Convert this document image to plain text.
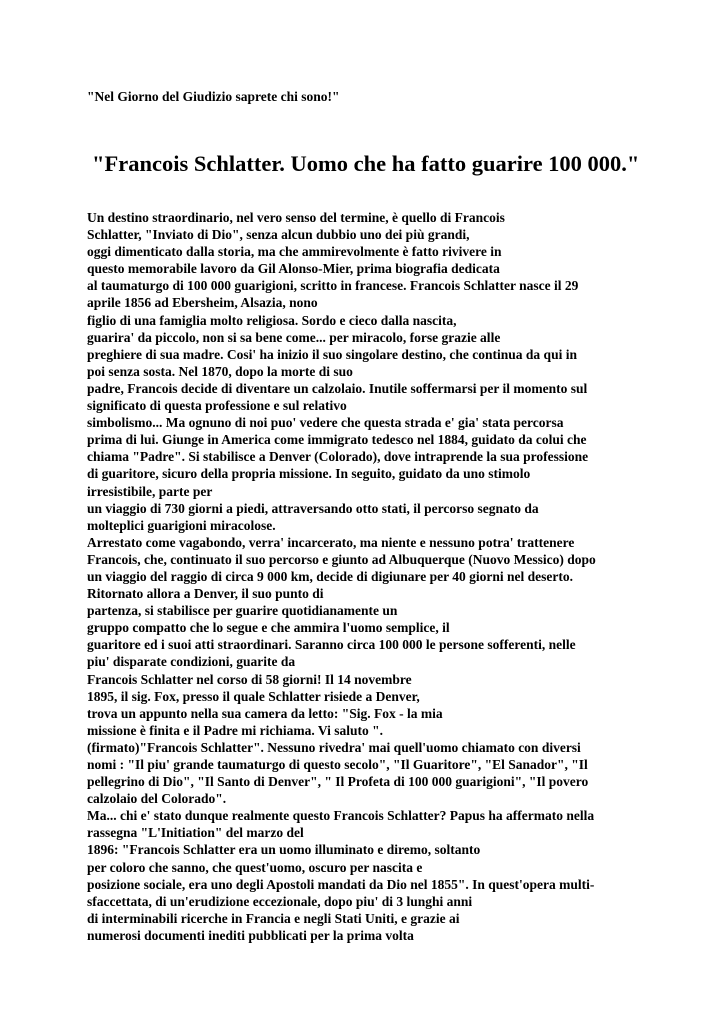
"Nel Giorno del Giudizio saprete chi sono!"
"Francois Schlatter. Uomo che ha fatto guarire 100 000."
Un destino straordinario, nel vero senso del termine, è quello di Francois
Schlatter, "Inviato di Dio", senza alcun dubbio uno dei più grandi,
oggi dimenticato dalla storia, ma che ammirevolmente è fatto rivivere in
questo memorabile lavoro da Gil Alonso-Mier, prima biografia dedicata
al taumaturgo di 100 000 guarigioni, scritto in francese. Francois Schlatter nasce il 29
aprile 1856 ad Ebersheim, Alsazia, nono
figlio di una famiglia molto religiosa. Sordo e cieco dalla nascita,
guarira' da piccolo, non si sa bene come... per miracolo, forse grazie alle
preghiere di sua madre. Cosi' ha inizio il suo singolare destino, che continua da qui in
poi senza sosta. Nel 1870, dopo la morte di suo
padre, Francois decide di diventare un calzolaio. Inutile soffermarsi per il momento sul
significato di questa professione e sul relativo
simbolismo... Ma ognuno di noi puo' vedere che questa strada e' gia' stata percorsa
prima di lui. Giunge in America come immigrato tedesco nel 1884, guidato da colui che
chiama "Padre". Si stabilisce a Denver (Colorado), dove intraprende la sua professione
di guaritore, sicuro della propria missione. In seguito, guidato da uno stimolo
irresistibile, parte per
un viaggio di 730 giorni a piedi, attraversando otto stati, il percorso segnato da
molteplici guarigioni miracolose.
Arrestato come vagabondo, verra' incarcerato, ma niente e nessuno potra' trattenere
Francois, che, continuato il suo percorso e giunto ad Albuquerque (Nuovo Messico) dopo
un viaggio del raggio di circa 9 000 km, decide di digiunare per 40 giorni nel deserto.
Ritornato allora a Denver, il suo punto di
partenza, si stabilisce per guarire quotidianamente un
gruppo compatto che lo segue e che ammira l'uomo semplice, il
guaritore ed i suoi atti straordinari. Saranno circa 100 000 le persone sofferenti, nelle
piu' disparate condizioni, guarite da
Francois Schlatter nel corso di 58 giorni! Il 14 novembre
1895, il sig. Fox, presso il quale Schlatter risiede a Denver,
trova un appunto nella sua camera da letto: "Sig. Fox - la mia
missione è finita e il Padre mi richiama. Vi saluto ".
(firmato)"Francois Schlatter". Nessuno rivedra' mai quell'uomo chiamato con diversi
nomi : "Il piu' grande taumaturgo di questo secolo", "Il Guaritore", "El Sanador", "Il
pellegrino di Dio", "Il Santo di Denver", " Il Profeta di 100 000 guarigioni", "Il povero
calzolaio del Colorado".
Ma... chi e' stato dunque realmente questo Francois Schlatter? Papus ha affermato nella
rassegna "L'Initiation" del marzo del
1896: "Francois Schlatter era un uomo illuminato e diremo, soltanto
per coloro che sanno, che quest'uomo, oscuro per nascita e
posizione sociale, era uno degli Apostoli mandati da Dio nel 1855". In quest'opera multi-
sfaccettata, di un'erudizione eccezionale, dopo piu' di 3 lunghi anni
di interminabili ricerche in Francia e negli Stati Uniti, e grazie ai
numerosi documenti inediti pubblicati per la prima volta
